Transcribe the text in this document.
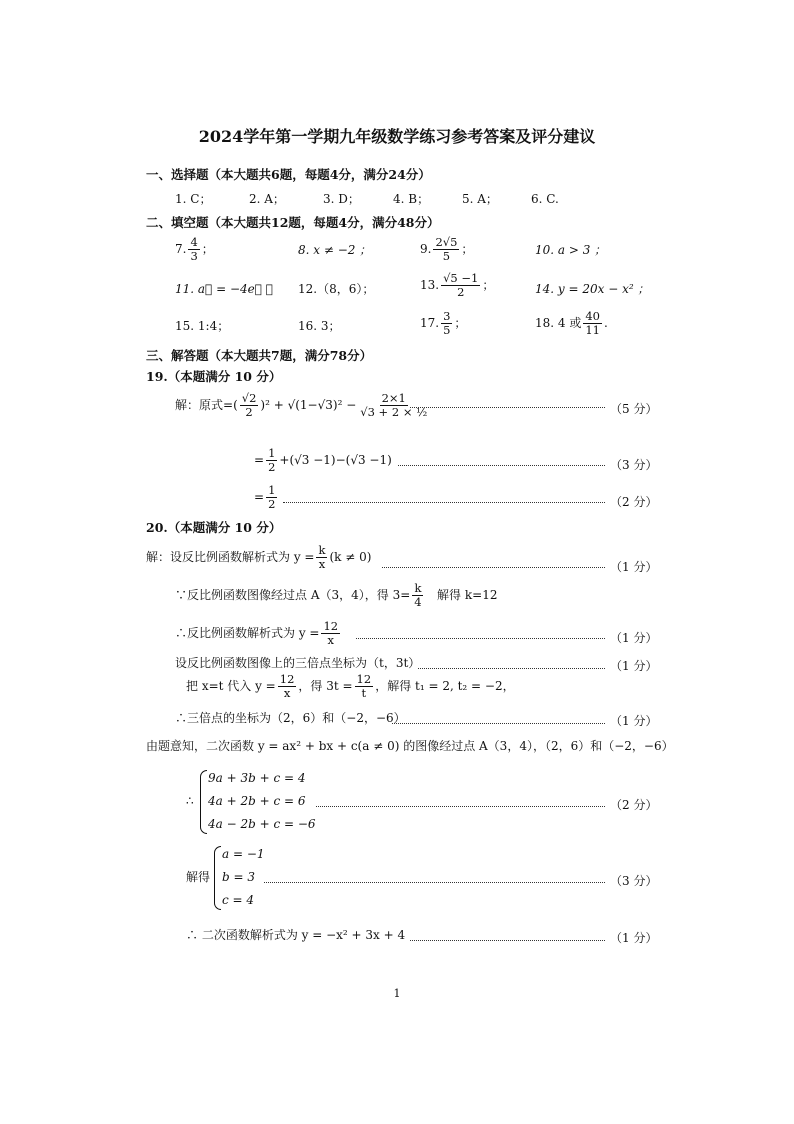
2024学年第一学期九年级数学练习参考答案及评分建议
一、选择题（本大题共6题，每题4分，满分24分）
1. C；	2. A；	3. D；	4. B；	5. A；	6. C.
二、填空题（本大题共12题，每题4分，满分48分）
7. $\frac{4}{3}$ ；	8. x ≠ −2 ；	9. $\frac{2√5}{5}$ ；	10. a > 3 ；
11. a⃗ = −4e⃗ ； 12.（8，6）；	13. $\frac{√5 -1}{2}$ ；	14. y = 20x − x² ；
15. 1:4；	16. 3；	17. $\frac{3}{5}$ ；	18. 4 或 $\frac{40}{11}$ .
三、解答题（本大题共7题，满分78分）
19.（本题满分 10 分）
解：原式=( $\frac{√2}{2} )^2 + √(1-√3)^2 - \frac{2\times 1}{\text{√3 + 2 × ½}}$	（5 分）
= $\frac{1}{2} +(√3 -1)-(√3 -1)$	（3 分）
= $\frac{1}{2}$	（2 分）
20.（本题满分 10 分）
解：设反比例函数解析式为 $y = \frac{k}{x} (k \ne 0)$
（1 分）
∵反比例函数图像经过点 A（3，4），得 $3= \frac{k}{4}$ 解得 k=12
∴反比例函数解析式为 $y = \frac{12}{x}$	（1 分）
设反比例函数图像上的三倍点坐标为（t，3t）	（1 分）
把 x=t 代入 $y = \frac{12}{x}$ ，得 $3t = \frac{12}{t}$ ，解得 t₁ = 2, t₂ = −2，
∴三倍点的坐标为（2，6）和（−2，−6）	（1 分）
由题意知，二次函数 y = ax² + bx + c(a ≠ 0) 的图像经过点 A（3，4），（2，6）和（−2，−6）
∴
9a + 3b + c = 4
4a + 2b + c = 6
4a − 2b + c = −6
（2 分）
解得
a = −1
b = 3
c = 4
（3 分）
∴ 二次函数解析式为 y = −x² + 3x + 4	（1 分）
1
